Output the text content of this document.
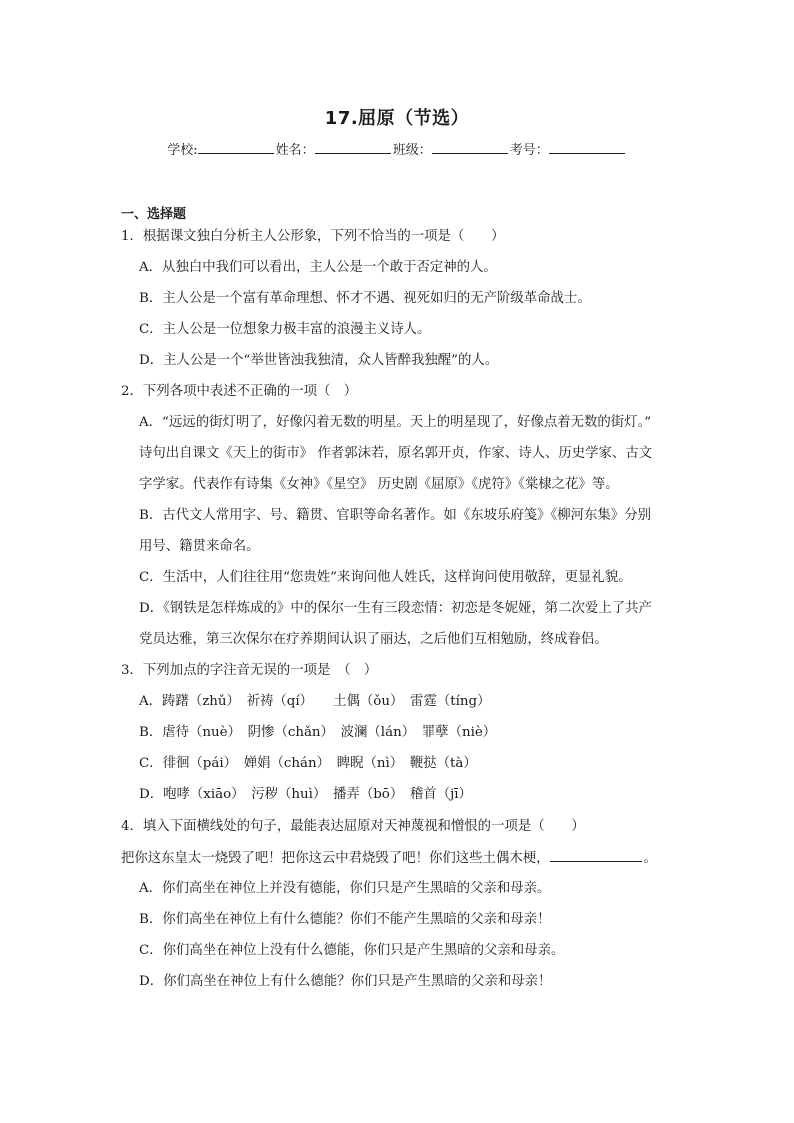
17.屈原（节选）
学校:	姓名：	班级：	考号：
一、选择题
1．根据课文独白分析主人公形象，下列不恰当的一项是（　　）
A．从独白中我们可以看出，主人公是一个敢于否定神的人。
B．主人公是一个富有革命理想、怀才不遇、视死如归的无产阶级革命战士。
C．主人公是一位想象力极丰富的浪漫主义诗人。
D．主人公是一个“举世皆浊我独清，众人皆醉我独醒”的人。
2．下列各项中表述不正确的一项（　）
A．“远远的街灯明了，好像闪着无数的明星。天上的明星现了，好像点着无数的街灯。”
诗句出自课文《天上的街市》 作者郭沫若，原名郭开贞，作家、诗人、历史学家、古文
字学家。代表作有诗集《女神》《星空》 历史剧《屈原》《虎符》《棠棣之花》等。
B．古代文人常用字、号、籍贯、官职等命名著作。如《东坡乐府笺》《柳河东集》分别
用号、籍贯来命名。
C．生活中，人们往往用“您贵姓”来询问他人姓氏，这样询问使用敬辞，更显礼貌。
D．《钢铁是怎样炼成的》中的保尔一生有三段恋情：初恋是冬妮娅，第二次爱上了共产
党员达雅，第三次保尔在疗养期间认识了丽达，之后他们互相勉励，终成眷侣。
3．下列加点的字注音无误的一项是　（　）
A．踌躇（zhǔ）　祈祷（qí）　　土偶（ǒu）　雷霆（tíng）
B．虐待（nuè）　阴惨（chǎn）　波澜（lán）　罪孽（niè）
C．徘徊（pái）　婵娟（chán）　睥睨（nì）　鞭挞（tà）
D．咆哮（xiāo）　污秽（huì）　播弄（bō）　稽首（jī）
4．填入下面横线处的句子，最能表达屈原对天神蔑视和憎恨的一项是（　　）
把你这东皇太一烧毁了吧！把你这云中君烧毁了吧！你们这些土偶木梗，	。
A．你们高坐在神位上并没有德能，你们只是产生黑暗的父亲和母亲。
B．你们高坐在神位上有什么德能？你们不能产生黑暗的父亲和母亲！
C．你们高坐在神位上没有什么德能，你们只是产生黑暗的父亲和母亲。
D．你们高坐在神位上有什么德能？你们只是产生黑暗的父亲和母亲！
